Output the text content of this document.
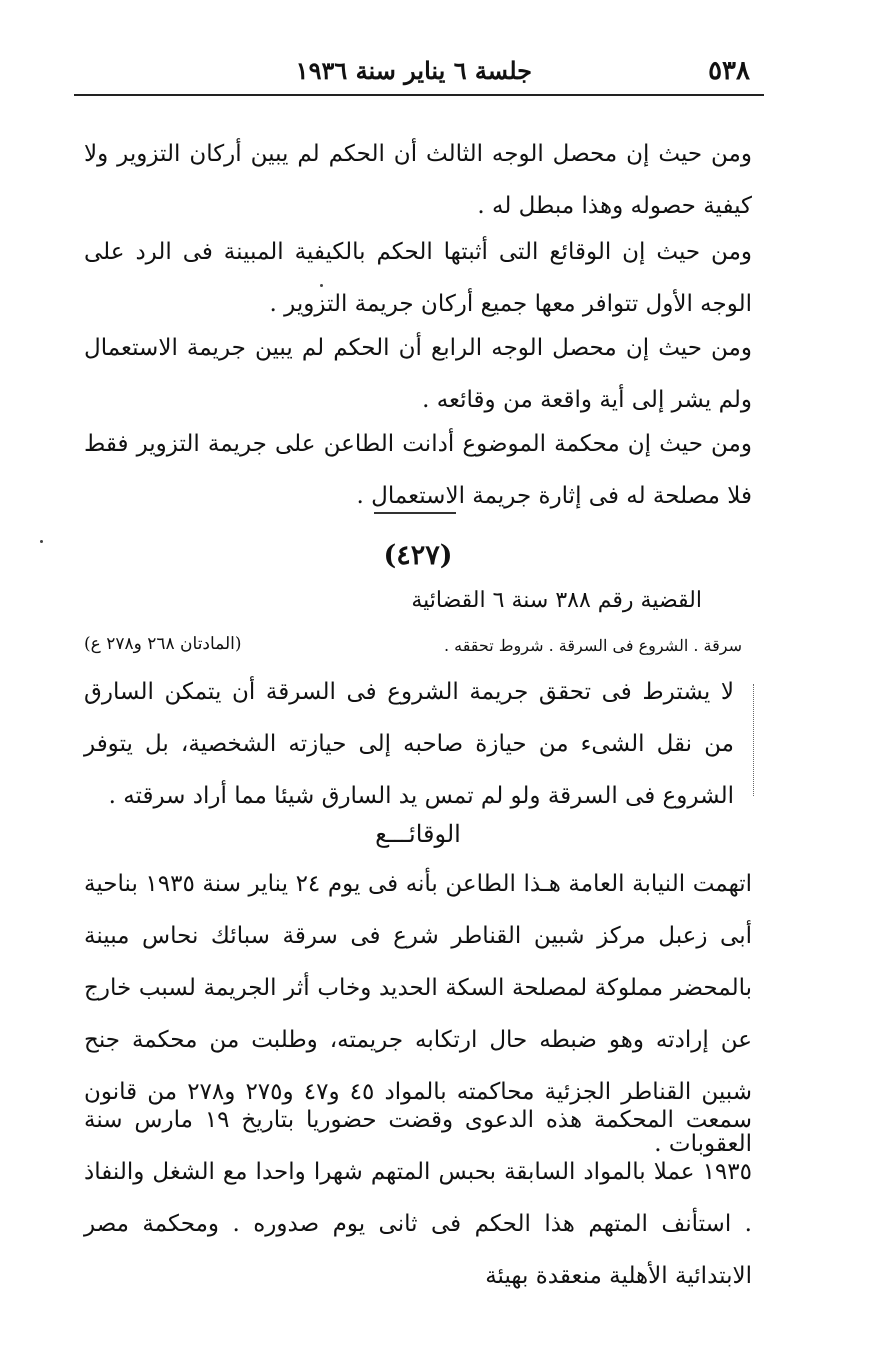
٥٣٨
جلسة ٦ يناير سنة ١٩٣٦

ومن حيث إن محصل الوجه الثالث أن الحكم لم يبين أركان التزوير ولا كيفية حصوله وهذا مبطل له .

ومن حيث إن الوقائع التى أثبتها الحكم بالكيفية المبينة فى الرد على الوجه الأول تتوافر معها جميع أركان جريمة التزوير .

ومن حيث إن محصل الوجه الرابع أن الحكم لم يبين جريمة الاستعمال ولم يشر إلى أية واقعة من وقائعه .

ومن حيث إن محكمة الموضوع أدانت الطاعن على جريمة التزوير فقط فلا مصلحة له فى إثارة جريمة الاستعمال .

(٤٢٧)
القضية رقم ٣٨٨ سنة ٦ القضائية
سرقة . الشروع فى السرقة . شروط تحققه .
(المادتان ٢٦٨ و٢٧٨ ع)

لا يشترط فى تحقق جريمة الشروع فى السرقة أن يتمكن السارق من نقل الشىء من حيازة صاحبه إلى حيازته الشخصية، بل يتوفر الشروع فى السرقة ولو لم تمس يد السارق شيئا مما أراد سرقته .

الوقائـــع

اتهمت النيابة العامة هـذا الطاعن بأنه فى يوم ٢٤ يناير سنة ١٩٣٥ بناحية أبى زعبل مركز شبين القناطر شرع فى سرقة سبائك نحاس مبينة بالمحضر مملوكة لمصلحة السكة الحديد وخاب أثر الجريمة لسبب خارج عن إرادته وهو ضبطه حال ارتكابه جريمته، وطلبت من محكمة جنح شبين القناطر الجزئية محاكمته بالمواد ٤٥ و٤٧ و٢٧٥ و٢٧٨ من قانون العقوبات .

سمعت المحكمة هذه الدعوى وقضت حضوريا بتاريخ ١٩ مارس سنة ١٩٣٥ عملا بالمواد السابقة بحبس المتهم شهرا واحدا مع الشغل والنفاذ . استأنف المتهم هذا الحكم فى ثانى يوم صدوره . ومحكمة مصر الابتدائية الأهلية منعقدة بهيئة
